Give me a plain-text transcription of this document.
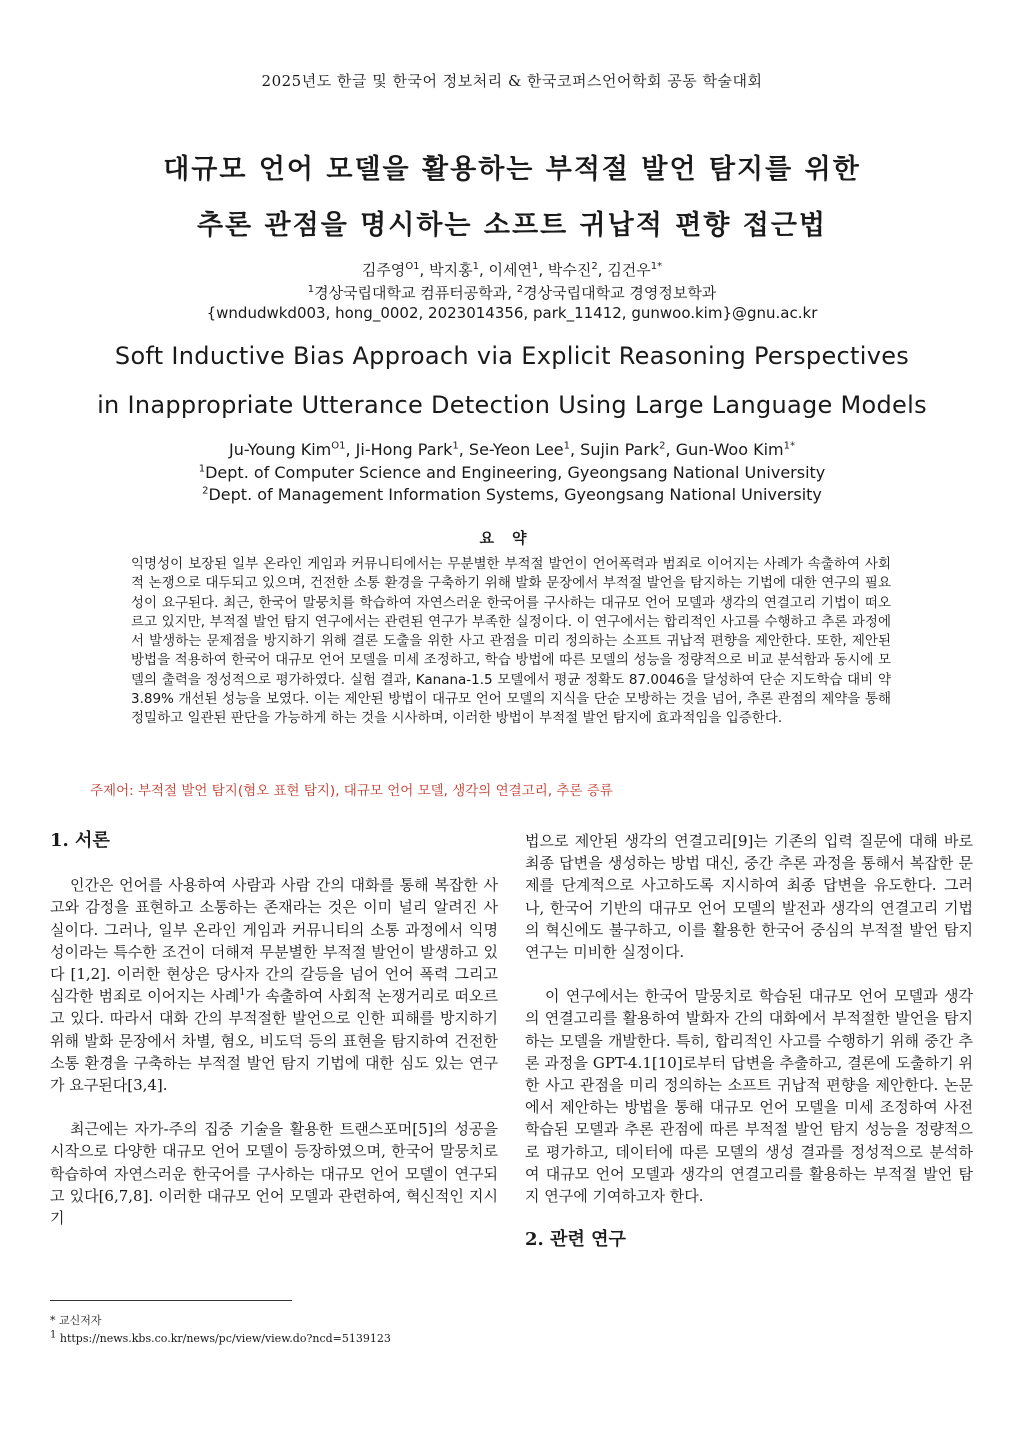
2025년도 한글 및 한국어 정보처리 & 한국코퍼스언어학회 공동 학술대회
대규모 언어 모델을 활용하는 부적절 발언 탐지를 위한
추론 관점을 명시하는 소프트 귀납적 편향 접근법
김주영$^{O1}$, 박지홍$^1$, 이세연$^1$, 박수진$^2$, 김건우$^{1*}$
$^1$경상국립대학교 컴퓨터공학과, $^2$경상국립대학교 경영정보학과
{wndudwkd003, hong_0002, 2023014356, park_11412, gunwoo.kim}@gnu.ac.kr
Soft Inductive Bias Approach via Explicit Reasoning Perspectives
in Inappropriate Utterance Detection Using Large Language Models
Ju-Young Kim$^{O1}$, Ji-Hong Park$^1$, Se-Yeon Lee$^1$, Sujin Park$^2$, Gun-Woo Kim$^{1*}$
$^1$Dept. of Computer Science and Engineering, Gyeongsang National University
$^2$Dept. of Management Information Systems, Gyeongsang National University
요약
익명성이 보장된 일부 온라인 게임과 커뮤니티에서는 무분별한 부적절 발언이 언어폭력과 범죄로 이어지는 사례가 속출하여 사회적 논쟁으로 대두되고 있으며, 건전한 소통 환경을 구축하기 위해 발화 문장에서 부적절 발언을 탐지하는 기법에 대한 연구의 필요성이 요구된다. 최근, 한국어 말뭉치를 학습하여 자연스러운 한국어를 구사하는 대규모 언어 모델과 생각의 연결고리 기법이 떠오르고 있지만, 부적절 발언 탐지 연구에서는 관련된 연구가 부족한 실정이다. 이 연구에서는 합리적인 사고를 수행하고 추론 과정에서 발생하는 문제점을 방지하기 위해 결론 도출을 위한 사고 관점을 미리 정의하는 소프트 귀납적 편향을 제안한다. 또한, 제안된 방법을 적용하여 한국어 대규모 언어 모델을 미세 조정하고, 학습 방법에 따른 모델의 성능을 정량적으로 비교 분석함과 동시에 모델의 출력을 정성적으로 평가하였다. 실험 결과, Kanana-1.5 모델에서 평균 정확도 87.0046을 달성하여 단순 지도학습 대비 약 3.89% 개선된 성능을 보였다. 이는 제안된 방법이 대규모 언어 모델의 지식을 단순 모방하는 것을 넘어, 추론 관점의 제약을 통해 정밀하고 일관된 판단을 가능하게 하는 것을 시사하며, 이러한 방법이 부적절 발언 탐지에 효과적임을 입증한다.
주제어: 부적절 발언 탐지(혐오 표현 탐지), 대규모 언어 모델, 생각의 연결고리, 추론 증류

1. 서론

인간은 언어를 사용하여 사람과 사람 간의 대화를 통해 복잡한 사고와 감정을 표현하고 소통하는 존재라는 것은 이미 널리 알려진 사실이다. 그러나, 일부 온라인 게임과 커뮤니티의 소통 과정에서 익명성이라는 특수한 조건이 더해져 무분별한 부적절 발언이 발생하고 있다 [1,2]. 이러한 현상은 당사자 간의 갈등을 넘어 언어 폭력 그리고 심각한 범죄로 이어지는 사례$^1$가 속출하여 사회적 논쟁거리로 떠오르고 있다. 따라서 대화 간의 부적절한 발언으로 인한 피해를 방지하기 위해 발화 문장에서 차별, 혐오, 비도덕 등의 표현을 탐지하여 건전한 소통 환경을 구축하는 부적절 발언 탐지 기법에 대한 심도 있는 연구가 요구된다[3,4].

최근에는 자가-주의 집중 기술을 활용한 트랜스포머[5]의 성공을 시작으로 다양한 대규모 언어 모델이 등장하였으며, 한국어 말뭉치로 학습하여 자연스러운 한국어를 구사하는 대규모 언어 모델이 연구되고 있다[6,7,8]. 이러한 대규모 언어 모델과 관련하여, 혁신적인 지시 기

법으로 제안된 생각의 연결고리[9]는 기존의 입력 질문에 대해 바로 최종 답변을 생성하는 방법 대신, 중간 추론 과정을 통해서 복잡한 문제를 단계적으로 사고하도록 지시하여 최종 답변을 유도한다. 그러나, 한국어 기반의 대규모 언어 모델의 발전과 생각의 연결고리 기법의 혁신에도 불구하고, 이를 활용한 한국어 중심의 부적절 발언 탐지 연구는 미비한 실정이다.

이 연구에서는 한국어 말뭉치로 학습된 대규모 언어 모델과 생각의 연결고리를 활용하여 발화자 간의 대화에서 부적절한 발언을 탐지하는 모델을 개발한다. 특히, 합리적인 사고를 수행하기 위해 중간 추론 과정을 GPT-4.1[10]로부터 답변을 추출하고, 결론에 도출하기 위한 사고 관점을 미리 정의하는 소프트 귀납적 편향을 제안한다. 논문에서 제안하는 방법을 통해 대규모 언어 모델을 미세 조정하여 사전 학습된 모델과 추론 관점에 따른 부적절 발언 탐지 성능을 정량적으로 평가하고, 데이터에 따른 모델의 생성 결과를 정성적으로 분석하여 대규모 언어 모델과 생각의 연결고리를 활용하는 부적절 발언 탐지 연구에 기여하고자 한다.

2. 관련 연구

* 교신저자
$^1$ https://news.kbs.co.kr/news/pc/view/view.do?ncd=5139123
